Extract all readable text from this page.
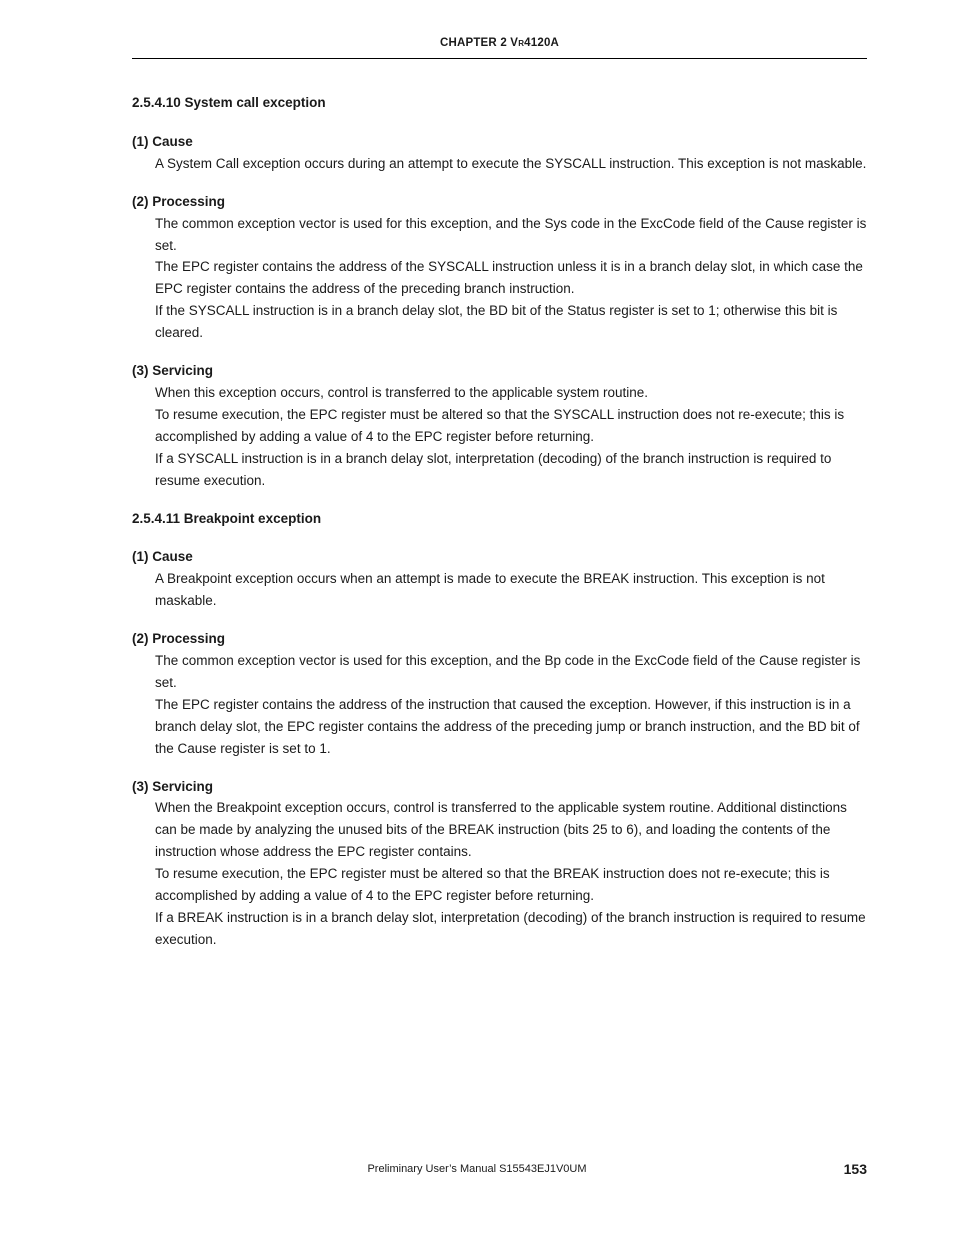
CHAPTER 2 VR4120A
2.5.4.10 System call exception
(1) Cause

A System Call exception occurs during an attempt to execute the SYSCALL instruction. This exception is not maskable.

(2) Processing

The common exception vector is used for this exception, and the Sys code in the ExcCode field of the Cause register is set.

The EPC register contains the address of the SYSCALL instruction unless it is in a branch delay slot, in which case the EPC register contains the address of the preceding branch instruction.

If the SYSCALL instruction is in a branch delay slot, the BD bit of the Status register is set to 1; otherwise this bit is cleared.

(3) Servicing

When this exception occurs, control is transferred to the applicable system routine.

To resume execution, the EPC register must be altered so that the SYSCALL instruction does not re-execute; this is accomplished by adding a value of 4 to the EPC register before returning.

If a SYSCALL instruction is in a branch delay slot, interpretation (decoding) of the branch instruction is required to resume execution.

2.5.4.11 Breakpoint exception
(1) Cause

A Breakpoint exception occurs when an attempt is made to execute the BREAK instruction. This exception is not maskable.

(2) Processing

The common exception vector is used for this exception, and the Bp code in the ExcCode field of the Cause register is set.

The EPC register contains the address of the instruction that caused the exception. However, if this instruction is in a branch delay slot, the EPC register contains the address of the preceding jump or branch instruction, and the BD bit of the Cause register is set to 1.

(3) Servicing

When the Breakpoint exception occurs, control is transferred to the applicable system routine. Additional distinctions can be made by analyzing the unused bits of the BREAK instruction (bits 25 to 6), and loading the contents of the instruction whose address the EPC register contains.

To resume execution, the EPC register must be altered so that the BREAK instruction does not re-execute; this is accomplished by adding a value of 4 to the EPC register before returning.

If a BREAK instruction is in a branch delay slot, interpretation (decoding) of the branch instruction is required to resume execution.

Preliminary User’s Manual S15543EJ1V0UM	153
